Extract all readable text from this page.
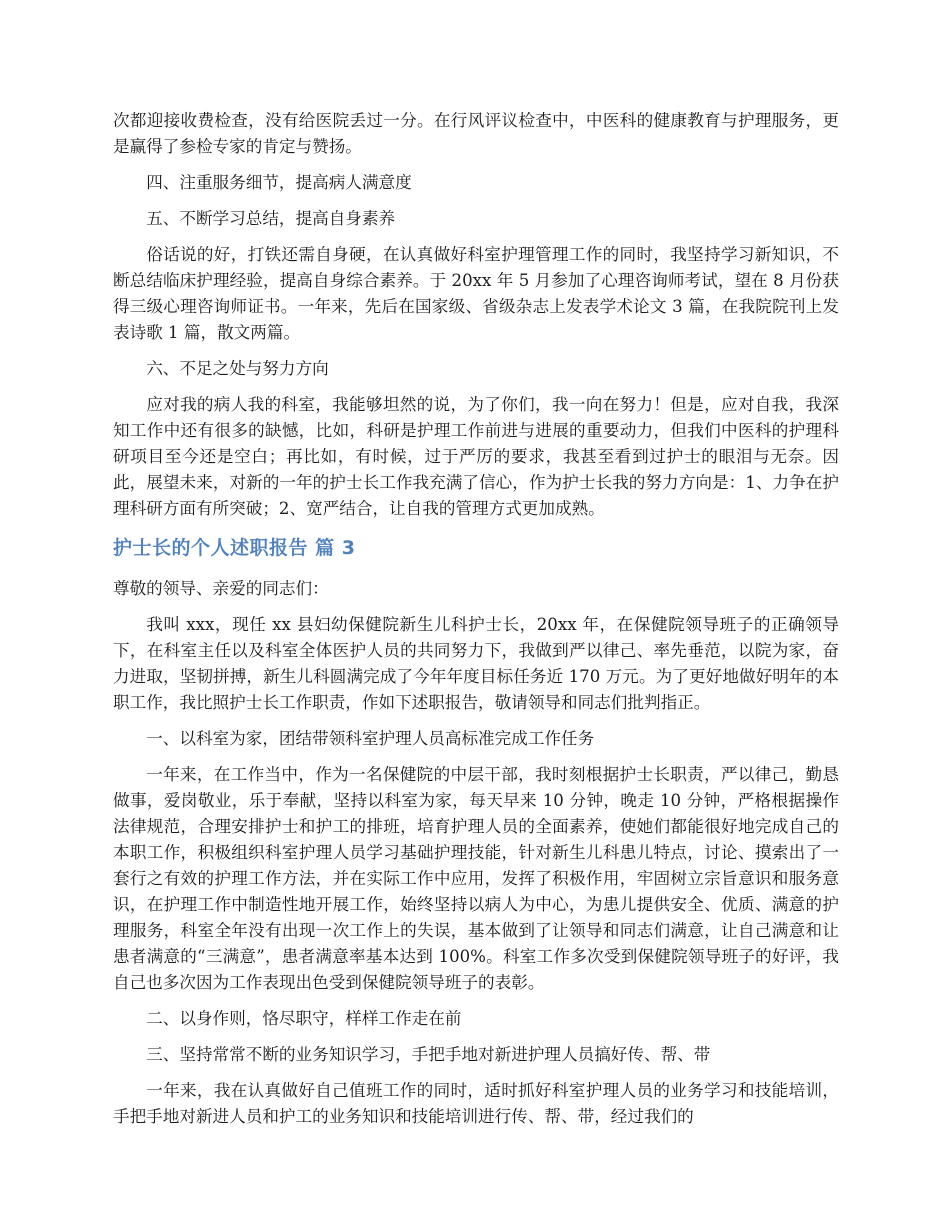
次都迎接收费检查，没有给医院丢过一分。在行风评议检查中，中医科的健康教育与护理服务，更是赢得了参检专家的肯定与赞扬。

四、注重服务细节，提高病人满意度

五、不断学习总结，提高自身素养

俗话说的好，打铁还需自身硬，在认真做好科室护理管理工作的同时，我坚持学习新知识，不断总结临床护理经验，提高自身综合素养。于 20xx 年 5 月参加了心理咨询师考试，望在 8 月份获得三级心理咨询师证书。一年来，先后在国家级、省级杂志上发表学术论文 3 篇，在我院院刊上发表诗歌 1 篇，散文两篇。

六、不足之处与努力方向

应对我的病人我的科室，我能够坦然的说，为了你们，我一向在努力！但是，应对自我，我深知工作中还有很多的缺憾，比如，科研是护理工作前进与进展的重要动力，但我们中医科的护理科研项目至今还是空白；再比如，有时候，过于严厉的要求，我甚至看到过护士的眼泪与无奈。因此，展望未来，对新的一年的护士长工作我充满了信心，作为护士长我的努力方向是：1、力争在护理科研方面有所突破；2、宽严结合，让自我的管理方式更加成熟。

护士长的个人述职报告 篇 3

尊敬的领导、亲爱的同志们：

我叫 xxx，现任 xx 县妇幼保健院新生儿科护士长，20xx 年，在保健院领导班子的正确领导下，在科室主任以及科室全体医护人员的共同努力下，我做到严以律己、率先垂范，以院为家，奋力进取，坚韧拼搏，新生儿科圆满完成了今年年度目标任务近 170 万元。为了更好地做好明年的本职工作，我比照护士长工作职责，作如下述职报告，敬请领导和同志们批判指正。

一、以科室为家，团结带领科室护理人员高标准完成工作任务

一年来，在工作当中，作为一名保健院的中层干部，我时刻根据护士长职责，严以律己，勤恳做事，爱岗敬业，乐于奉献，坚持以科室为家，每天早来 10 分钟，晚走 10 分钟，严格根据操作法律规范，合理安排护士和护工的排班，培育护理人员的全面素养，使她们都能很好地完成自己的本职工作，积极组织科室护理人员学习基础护理技能，针对新生儿科患儿特点，讨论、摸索出了一套行之有效的护理工作方法，并在实际工作中应用，发挥了积极作用，牢固树立宗旨意识和服务意识，在护理工作中制造性地开展工作，始终坚持以病人为中心，为患儿提供安全、优质、满意的护理服务，科室全年没有出现一次工作上的失误，基本做到了让领导和同志们满意，让自己满意和让患者满意的“三满意”，患者满意率基本达到 100%。科室工作多次受到保健院领导班子的好评，我自己也多次因为工作表现出色受到保健院领导班子的表彰。

二、以身作则，恪尽职守，样样工作走在前

三、坚持常常不断的业务知识学习，手把手地对新进护理人员搞好传、帮、带

一年来，我在认真做好自己值班工作的同时，适时抓好科室护理人员的业务学习和技能培训，手把手地对新进人员和护工的业务知识和技能培训进行传、帮、带，经过我们的
